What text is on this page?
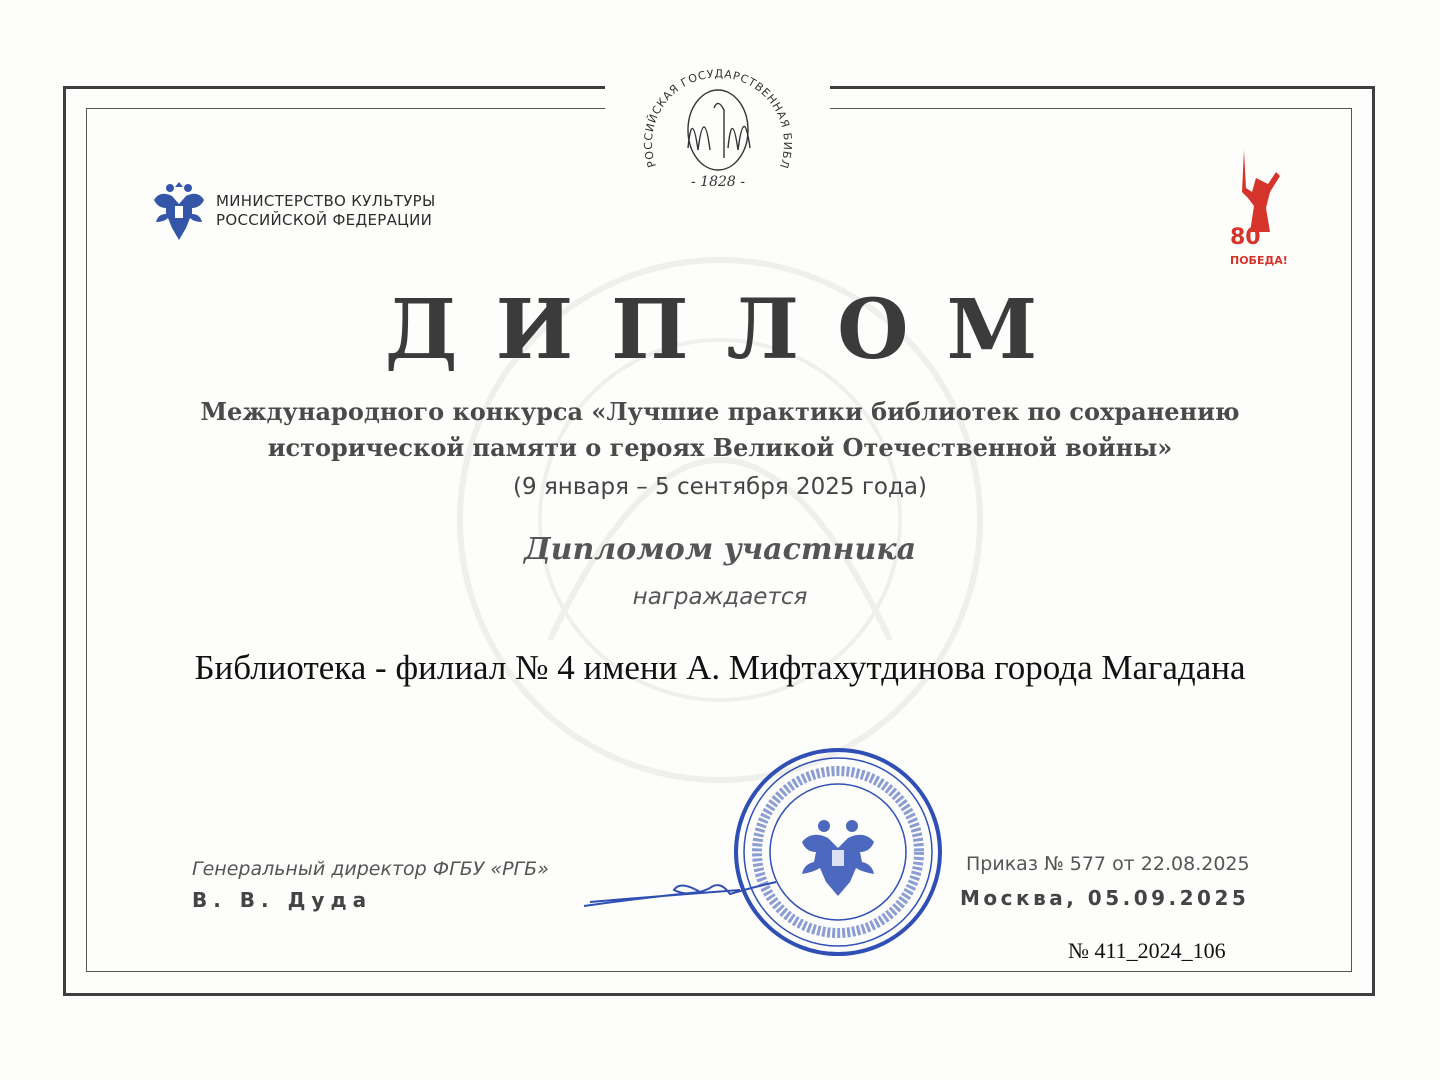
РОССИЙСКАЯ ГОСУДАРСТВЕННАЯ БИБЛ
- 1828 -
МИНИСТЕРСТВО КУЛЬТУРЫ
РОССИЙСКОЙ ФЕДЕРАЦИИ
80
ПОБЕДА!
ДИПЛОМ
Международного конкурса «Лучшие практики библиотек по сохранению
исторической памяти о героях Великой Отечественной войны»
(9 января – 5 сентября 2025 года)
Дипломом участника
награждается
Библиотека - филиал № 4 имени А. Мифтахутдинова города Магадана
Генеральный директор ФГБУ «РГБ»
В. В. Дуда
Приказ № 577 от 22.08.2025
Москва, 05.09.2025
№ 411_2024_106
